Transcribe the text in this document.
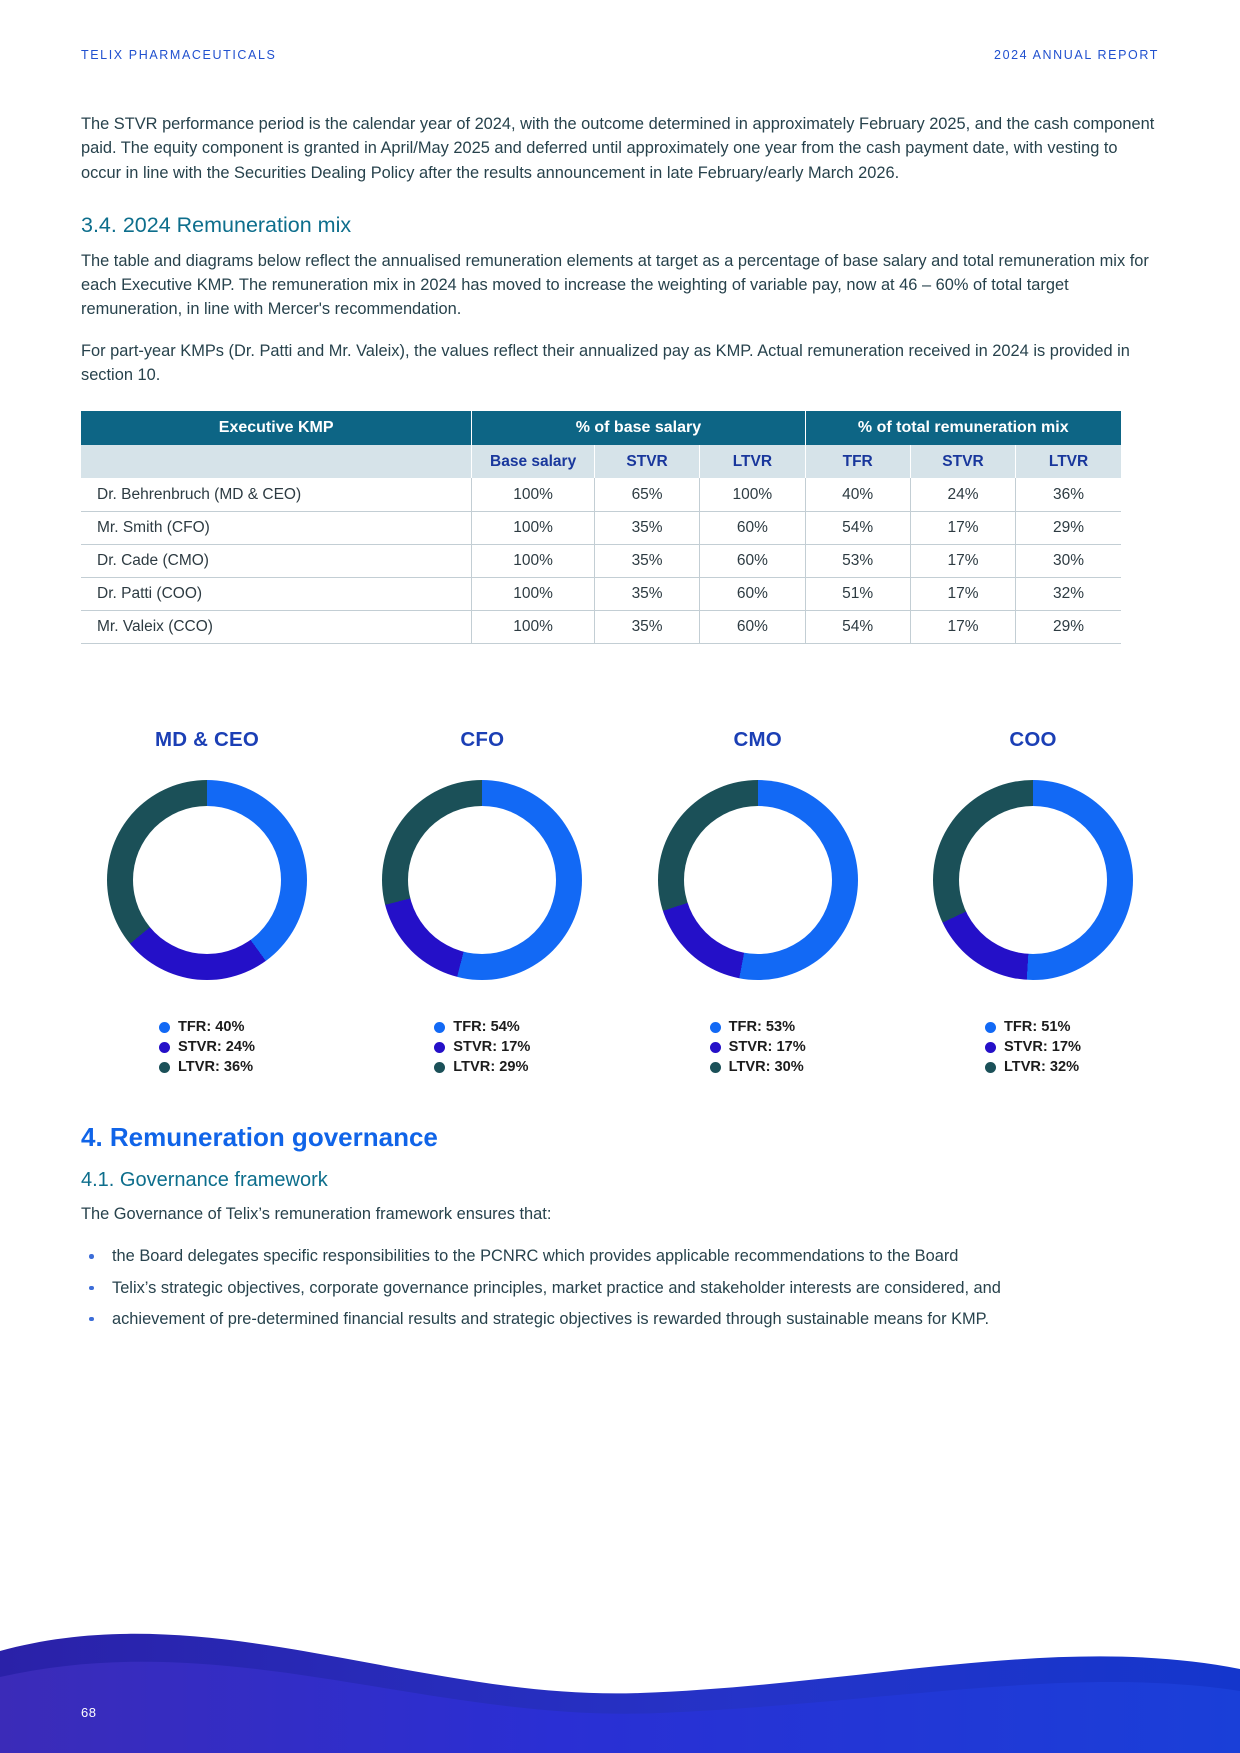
TELIX PHARMACEUTICALS	2024 ANNUAL REPORT

The STVR performance period is the calendar year of 2024, with the outcome determined in approximately February 2025, and the cash component paid. The equity component is granted in April/May 2025 and deferred until approximately one year from the cash payment date, with vesting to occur in line with the Securities Dealing Policy after the results announcement in late February/early March 2026.

3.4. 2024 Remuneration mix

The table and diagrams below reflect the annualised remuneration elements at target as a percentage of base salary and total remuneration mix for each Executive KMP. The remuneration mix in 2024 has moved to increase the weighting of variable pay, now at 46 – 60% of total target remuneration, in line with Mercer's recommendation.

For part-year KMPs (Dr. Patti and Mr. Valeix), the values reflect their annualized pay as KMP. Actual remuneration received in 2024 is provided in section 10.

Executive KMP	% of base salary			% of total remuneration mix		
	Base salary	STVR	LTVR	TFR	STVR	LTVR
Dr. Behrenbruch (MD & CEO)	100%	65%	100%	40%	24%	36%
Mr. Smith (CFO)	100%	35%	60%	54%	17%	29%
Dr. Cade (CMO)	100%	35%	60%	53%	17%	30%
Dr. Patti (COO)	100%	35%	60%	51%	17%	32%
Mr. Valeix (CCO)	100%	35%	60%	54%	17%	29%
MD & CEO
TFR: 40%
STVR: 24%
LTVR: 36%
CFO
TFR: 54%
STVR: 17%
LTVR: 29%
CMO
TFR: 53%
STVR: 17%
LTVR: 30%
COO
TFR: 51%
STVR: 17%
LTVR: 32%
4. Remuneration governance
4.1. Governance framework

The Governance of Telix’s remuneration framework ensures that:

the Board delegates specific responsibilities to the PCNRC which provides applicable recommendations to the Board
Telix’s strategic objectives, corporate governance principles, market practice and stakeholder interests are considered, and
achievement of pre-determined financial results and strategic objectives is rewarded through sustainable means for KMP.
68
